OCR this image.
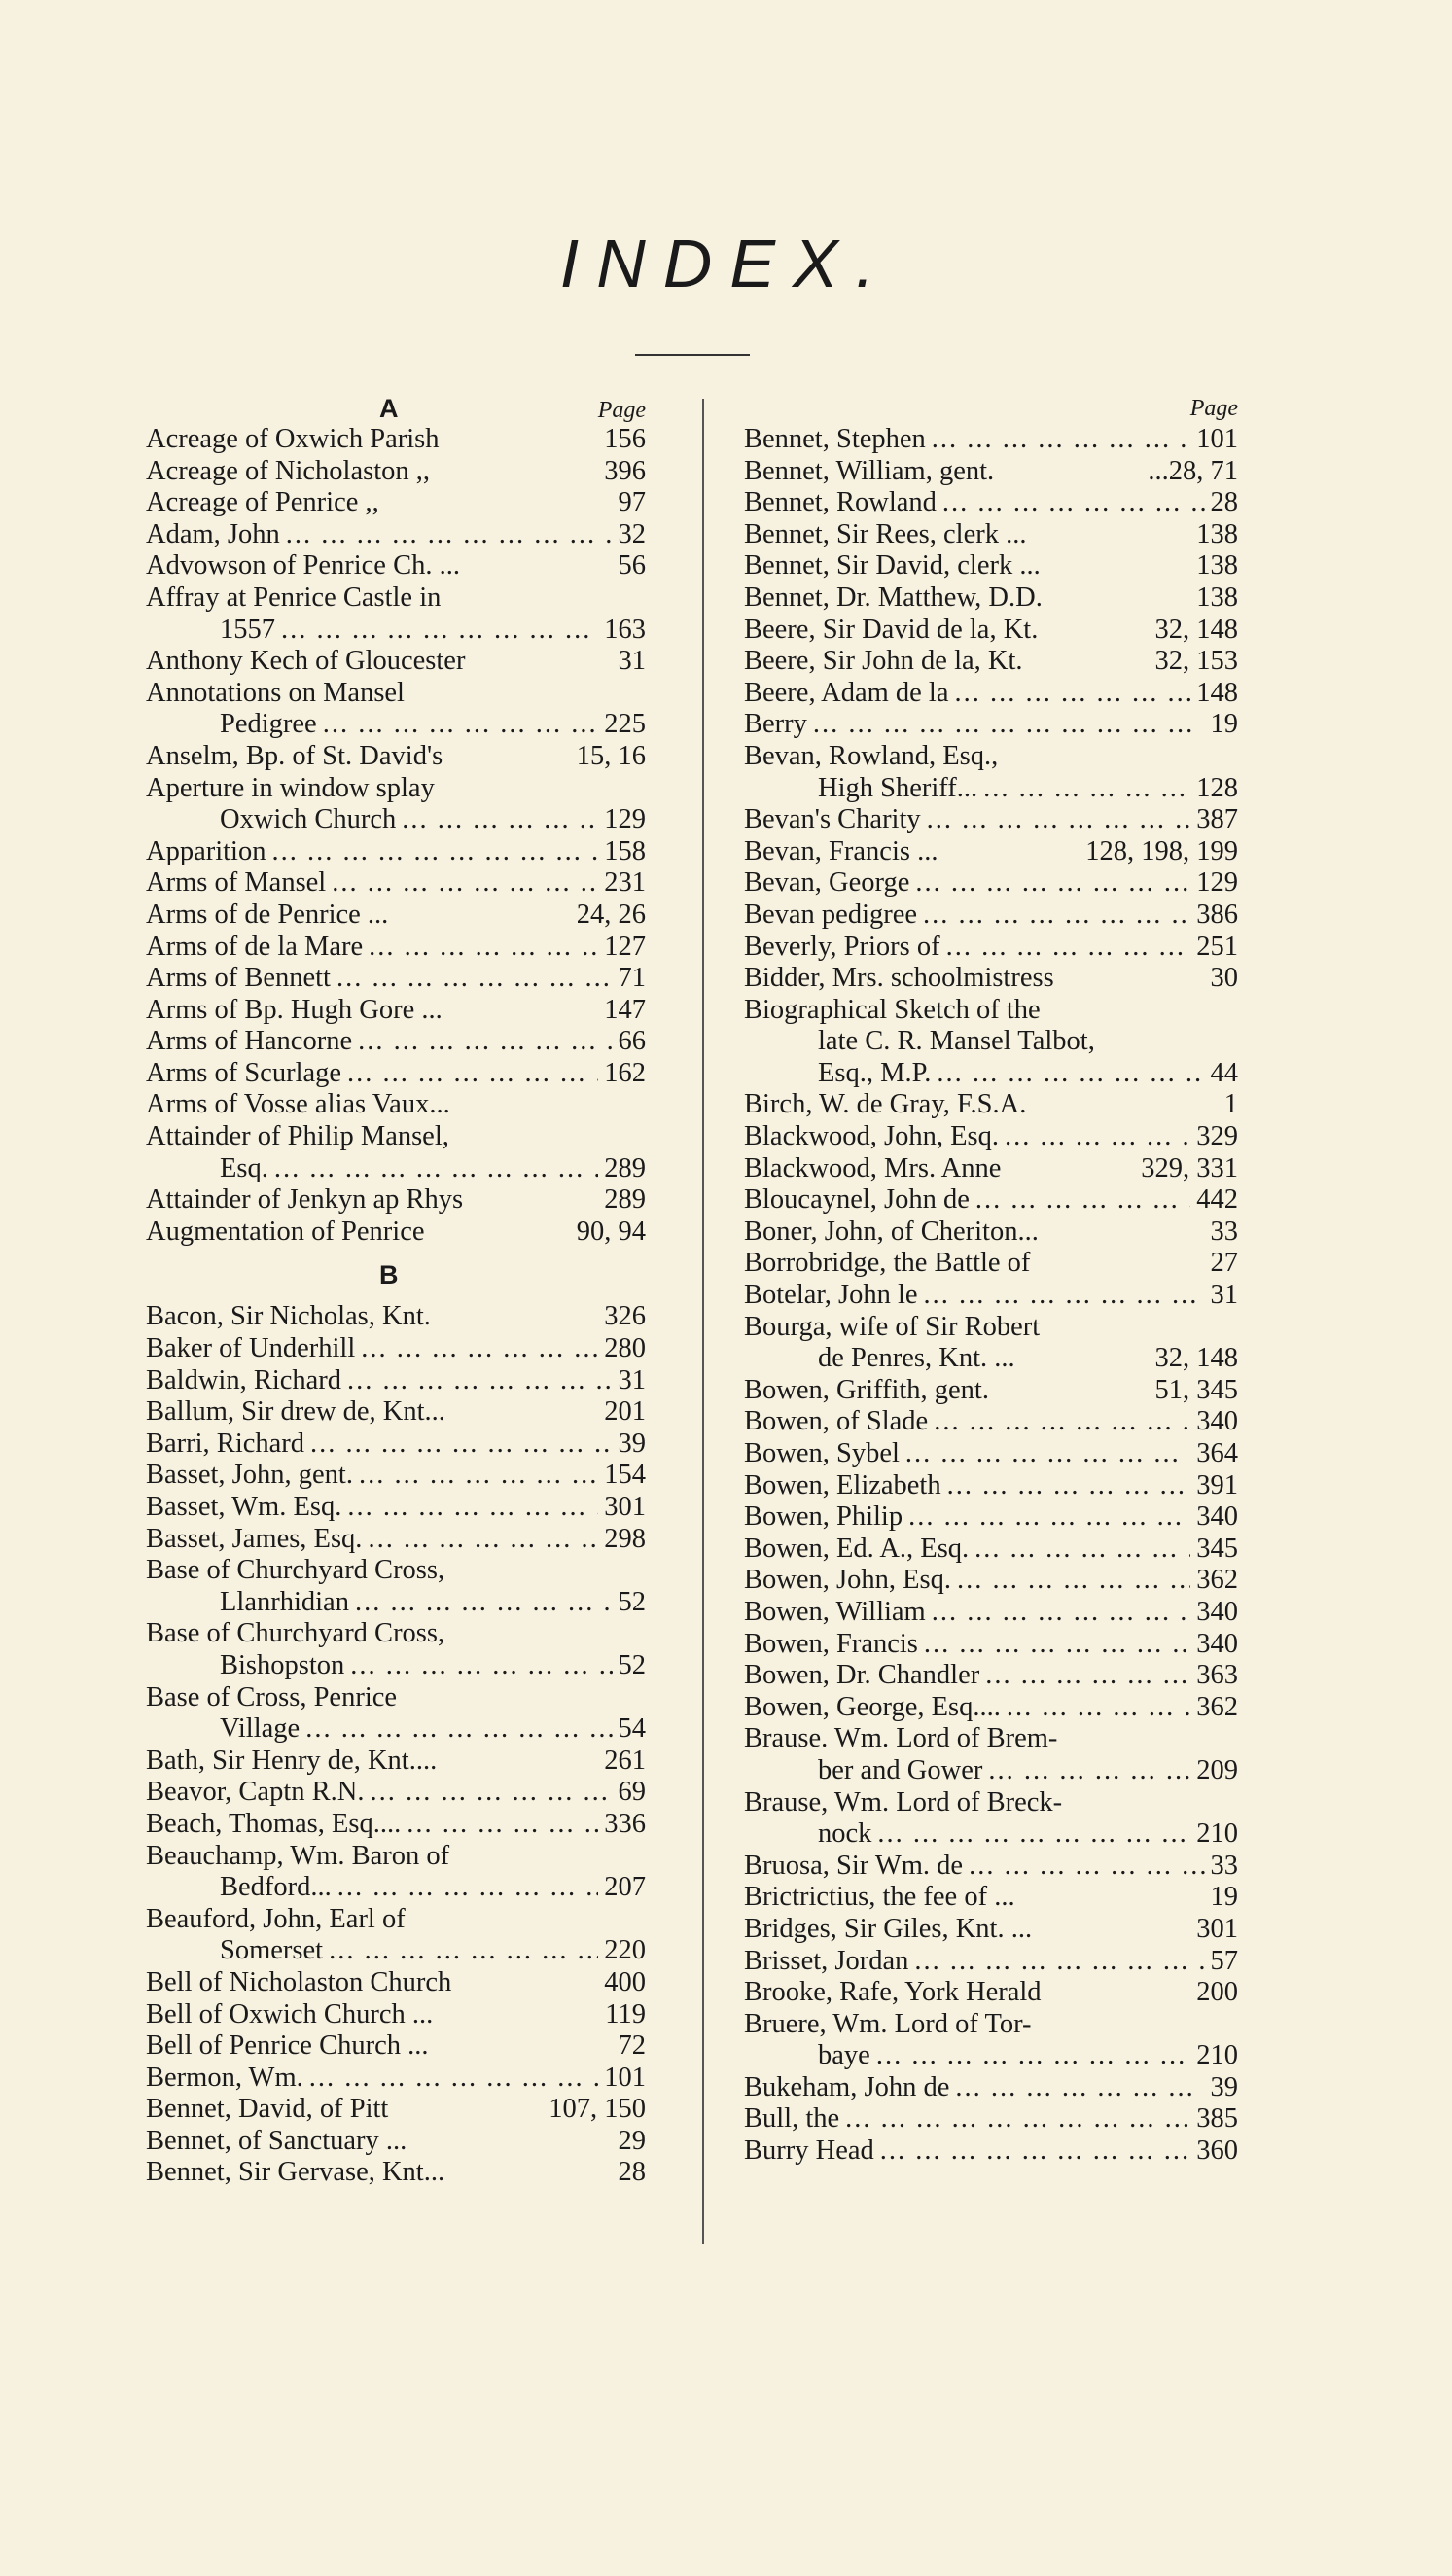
INDEX.
A	Page
Acreage of Oxwich Parish	156
Acreage of Nicholaston ,,	396
Acreage of Penrice ,,	97
Adam, John ... .	32
Advowson of Penrice Ch. ...	56
Affray at Penrice Castle in
1557 ... .	163
Anthony Kech of Gloucester	31
Annotations on Mansel
Pedigree ... .	225
Anselm, Bp. of St. David's	15, 16
Aperture in window splay
Oxwich Church ... .	129
Apparition ... .	158
Arms of Mansel ... .	231
Arms of de Penrice ...	24, 26
Arms of de la Mare ... .	127
Arms of Bennett ... .	71
Arms of Bp. Hugh Gore ...	147
Arms of Hancorne ... .	66
Arms of Scurlage ... .	162
Arms of Vosse alias Vaux...
Attainder of Philip Mansel,
Esq. ... .	289
Attainder of Jenkyn ap Rhys	289
Augmentation of Penrice	90, 94
B
Bacon, Sir Nicholas, Knt.	326
Baker of Underhill ... .	280
Baldwin, Richard ... .	31
Ballum, Sir drew de, Knt...	201
Barri, Richard ... .	39
Basset, John, gent. ... .	154
Basset, Wm. Esq. ... .	301
Basset, James, Esq. ... .	298
Base of Churchyard Cross,
Llanrhidian ... .	52
Base of Churchyard Cross,
Bishopston ... .	52
Base of Cross, Penrice
Village ... .	54
Bath, Sir Henry de, Knt....	261
Beavor, Captn R.N. ... .	69
Beach, Thomas, Esq.... ... .	336
Beauchamp, Wm. Baron of
Bedford... ... .	207
Beauford, John, Earl of
Somerset ... .	220
Bell of Nicholaston Church	400
Bell of Oxwich Church ...	119
Bell of Penrice Church ...	72
Bermon, Wm. ... .	101
Bennet, David, of Pitt	107, 150
Bennet, of Sanctuary ...	29
Bennet, Sir Gervase, Knt...	28
Page
Bennet, Stephen ... .	101
Bennet, William, gent.	...28, 71
Bennet, Rowland ... .	28
Bennet, Sir Rees, clerk ...	138
Bennet, Sir David, clerk ...	138
Bennet, Dr. Matthew, D.D.	138
Beere, Sir David de la, Kt.	32, 148
Beere, Sir John de la, Kt.	32, 153
Beere, Adam de la ... .	148
Berry ... .	19
Bevan, Rowland, Esq.,
High Sheriff... ... .	128
Bevan's Charity ... .	387
Bevan, Francis ...	128, 198, 199
Bevan, George ... .	129
Bevan pedigree ... .	386
Beverly, Priors of ... .	251
Bidder, Mrs. schoolmistress	30
Biographical Sketch of the
late C. R. Mansel Talbot,
Esq., M.P. ... .	44
Birch, W. de Gray, F.S.A.	1
Blackwood, John, Esq. ... .	329
Blackwood, Mrs. Anne	329, 331
Bloucaynel, John de ... .	442
Boner, John, of Cheriton...	33
Borrobridge, the Battle of	27
Botelar, John le ... .	31
Bourga, wife of Sir Robert
de Penres, Knt. ...	32, 148
Bowen, Griffith, gent.	51, 345
Bowen, of Slade ... .	340
Bowen, Sybel ... .	364
Bowen, Elizabeth ... .	391
Bowen, Philip ... .	340
Bowen, Ed. A., Esq. ... .	345
Bowen, John, Esq. ... .	362
Bowen, William ... .	340
Bowen, Francis ... .	340
Bowen, Dr. Chandler ... .	363
Bowen, George, Esq.... ... .	362
Brause. Wm. Lord of Brem-
ber and Gower ... .	209
Brause, Wm. Lord of Breck-
nock ... .	210
Bruosa, Sir Wm. de ... .	33
Brictrictius, the fee of ...	19
Bridges, Sir Giles, Knt. ...	301
Brisset, Jordan ... .	57
Brooke, Rafe, York Herald	200
Bruere, Wm. Lord of Tor-
baye ... .	210
Bukeham, John de ... .	39
Bull, the ... .	385
Burry Head ... .	360
